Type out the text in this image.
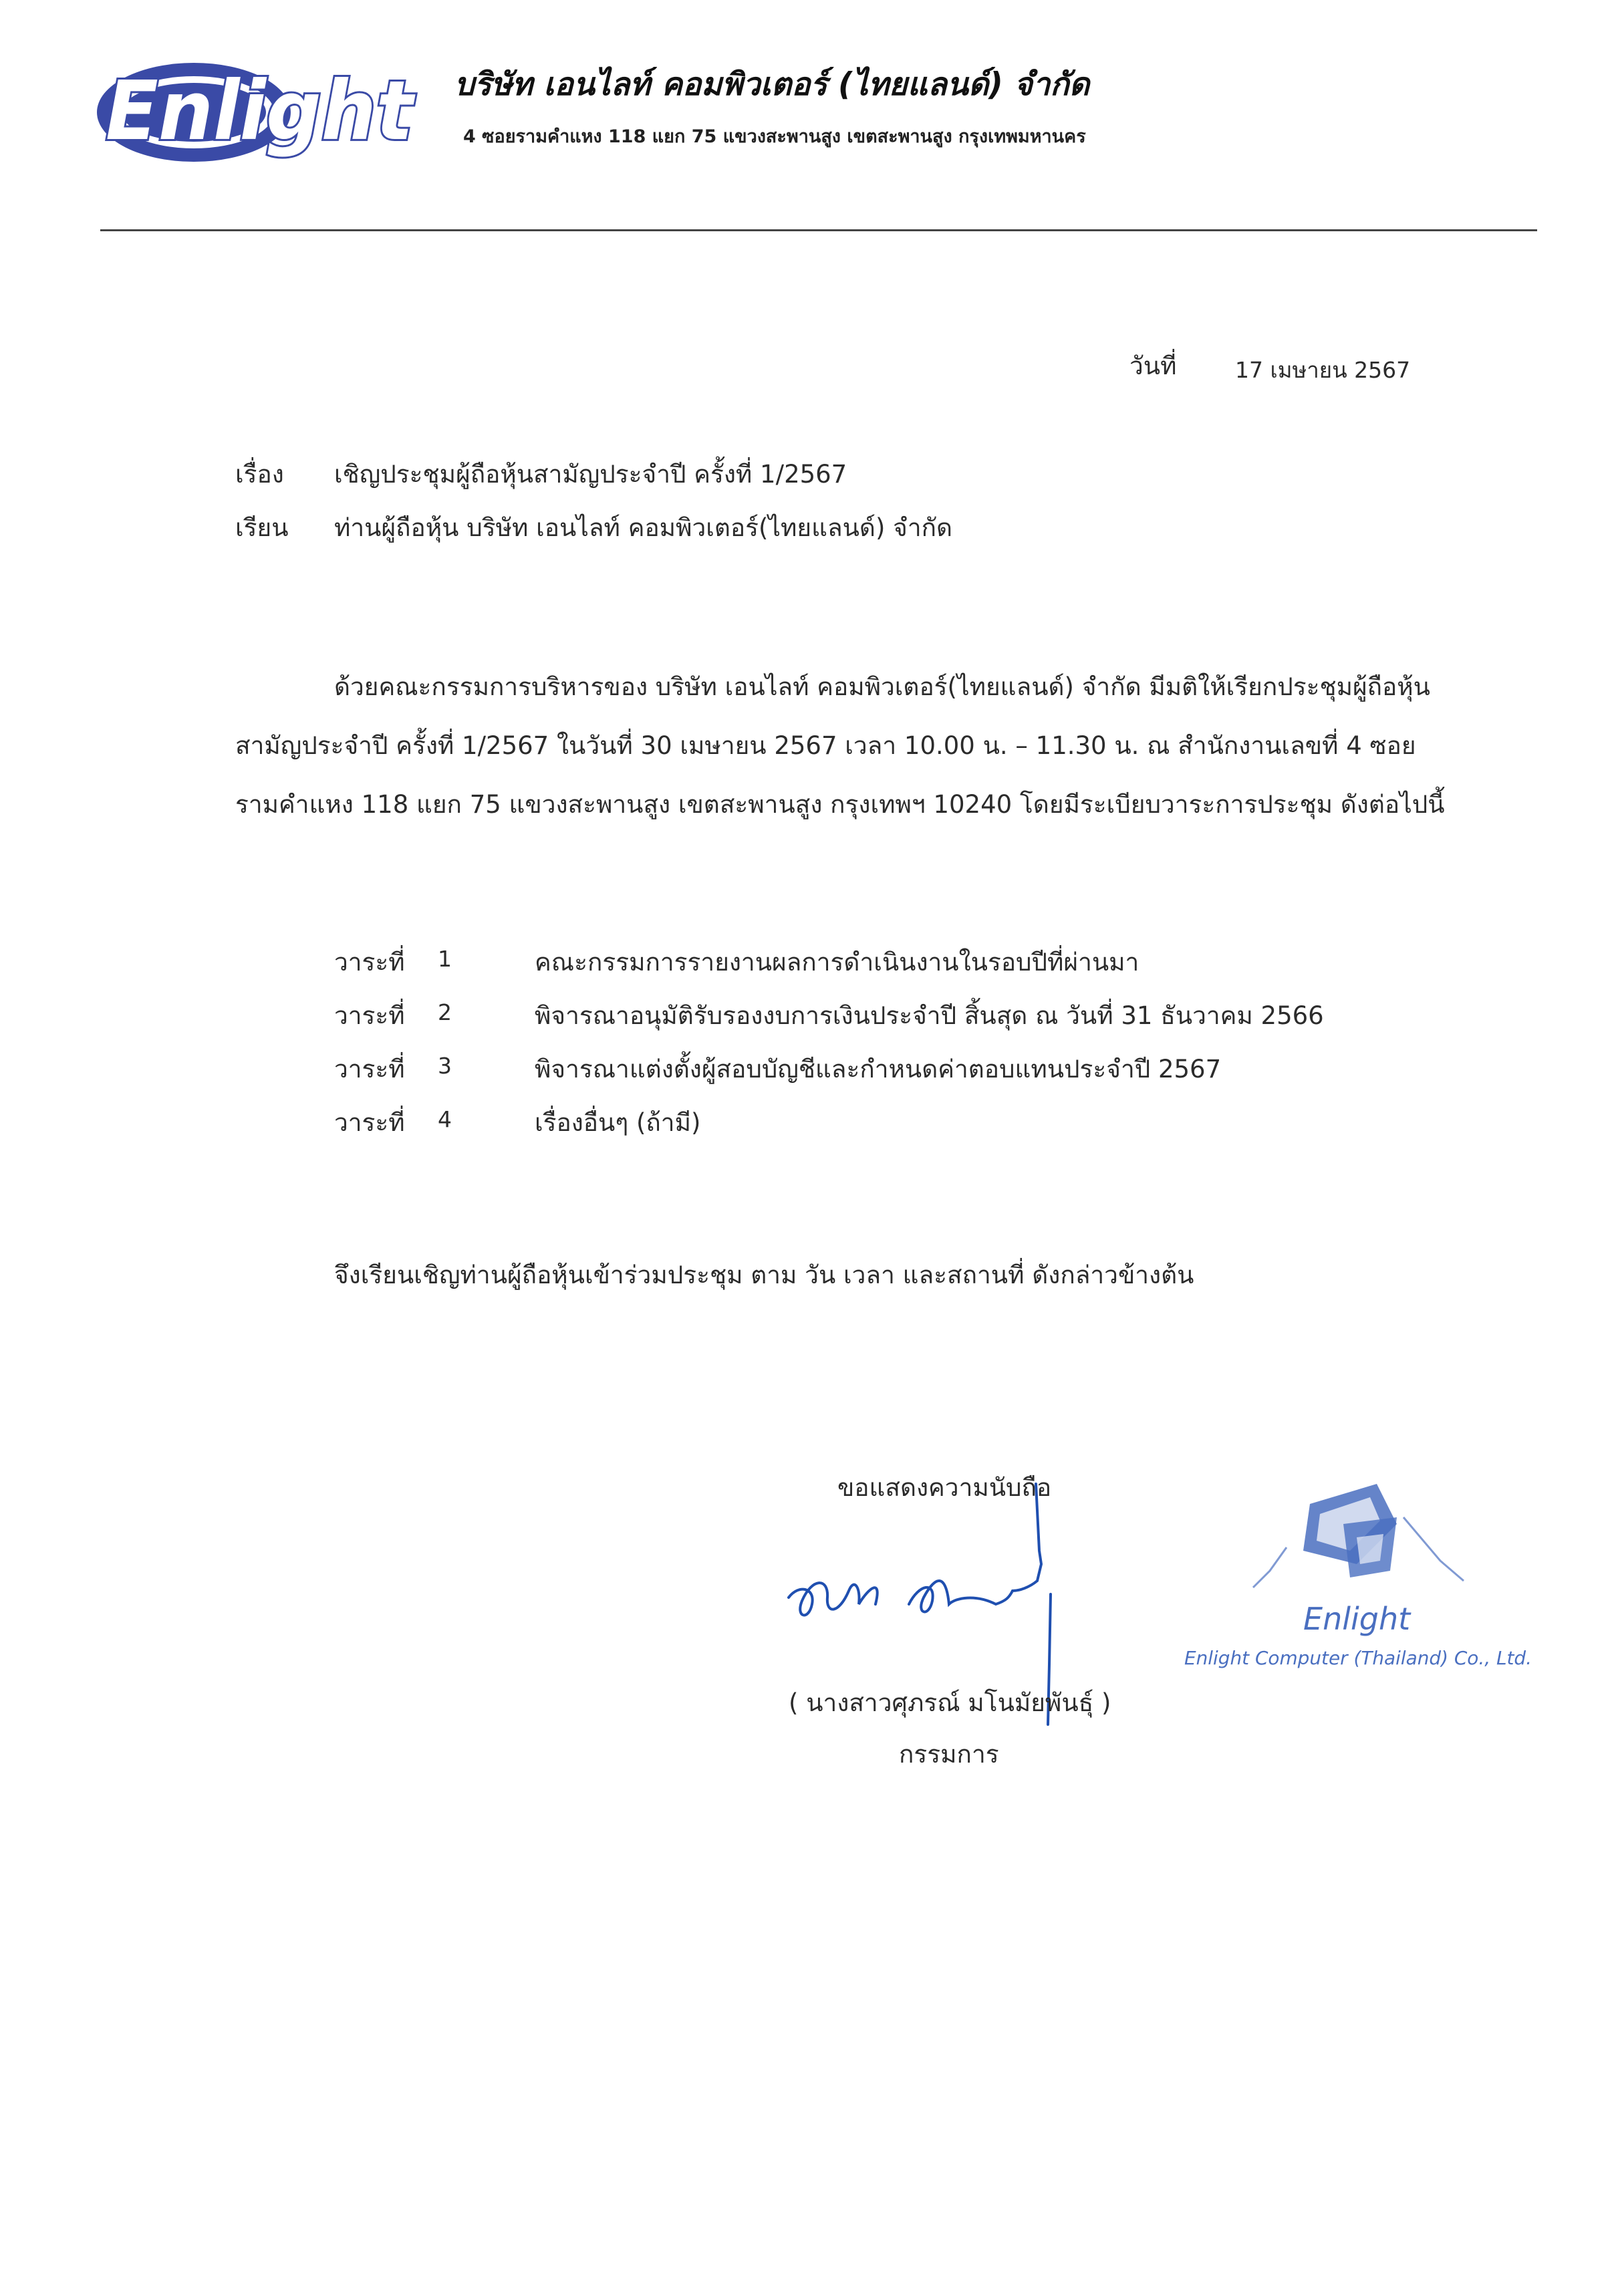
Enlight บริษัท เอนไลท์ คอมพิวเตอร์ (ไทยแลนด์) จำกัด
4 ซอยรามคำแหง 118 แยก 75 แขวงสะพานสูง เขตสะพานสูง กรุงเทพมหานคร
วันที่	17 เมษายน 2567
เรื่อง เชิญประชุมผู้ถือหุ้นสามัญประจำปี ครั้งที่ 1/2567
เรียน ท่านผู้ถือหุ้น บริษัท เอนไลท์ คอมพิวเตอร์(ไทยแลนด์) จำกัด
ด้วยคณะกรรมการบริหารของ บริษัท เอนไลท์ คอมพิวเตอร์(ไทยแลนด์) จำกัด มีมติให้เรียกประชุมผู้ถือหุ้น
สามัญประจำปี ครั้งที่ 1/2567 ในวันที่ 30 เมษายน 2567 เวลา 10.00 น. – 11.30 น. ณ สำนักงานเลขที่ 4 ซอย
รามคำแหง 118 แยก 75 แขวงสะพานสูง เขตสะพานสูง กรุงเทพฯ 10240 โดยมีระเบียบวาระการประชุม ดังต่อไปนี้
วาระที่ 1	คณะกรรมการรายงานผลการดำเนินงานในรอบปีที่ผ่านมา
วาระที่ 2	พิจารณาอนุมัติรับรองงบการเงินประจำปี สิ้นสุด ณ วันที่ 31 ธันวาคม 2566
วาระที่ 3	พิจารณาแต่งตั้งผู้สอบบัญชีและกำหนดค่าตอบแทนประจำปี 2567
วาระที่ 4	เรื่องอื่นๆ (ถ้ามี)
จึงเรียนเชิญท่านผู้ถือหุ้นเข้าร่วมประชุม ตาม วัน เวลา และสถานที่ ดังกล่าวข้างต้น
ขอแสดงความนับถือ
( นางสาวศุภรณ์ มโนมัยพันธุ์ )
กรรมการ
Enlight
Enlight Computer (Thailand) Co., Ltd.
